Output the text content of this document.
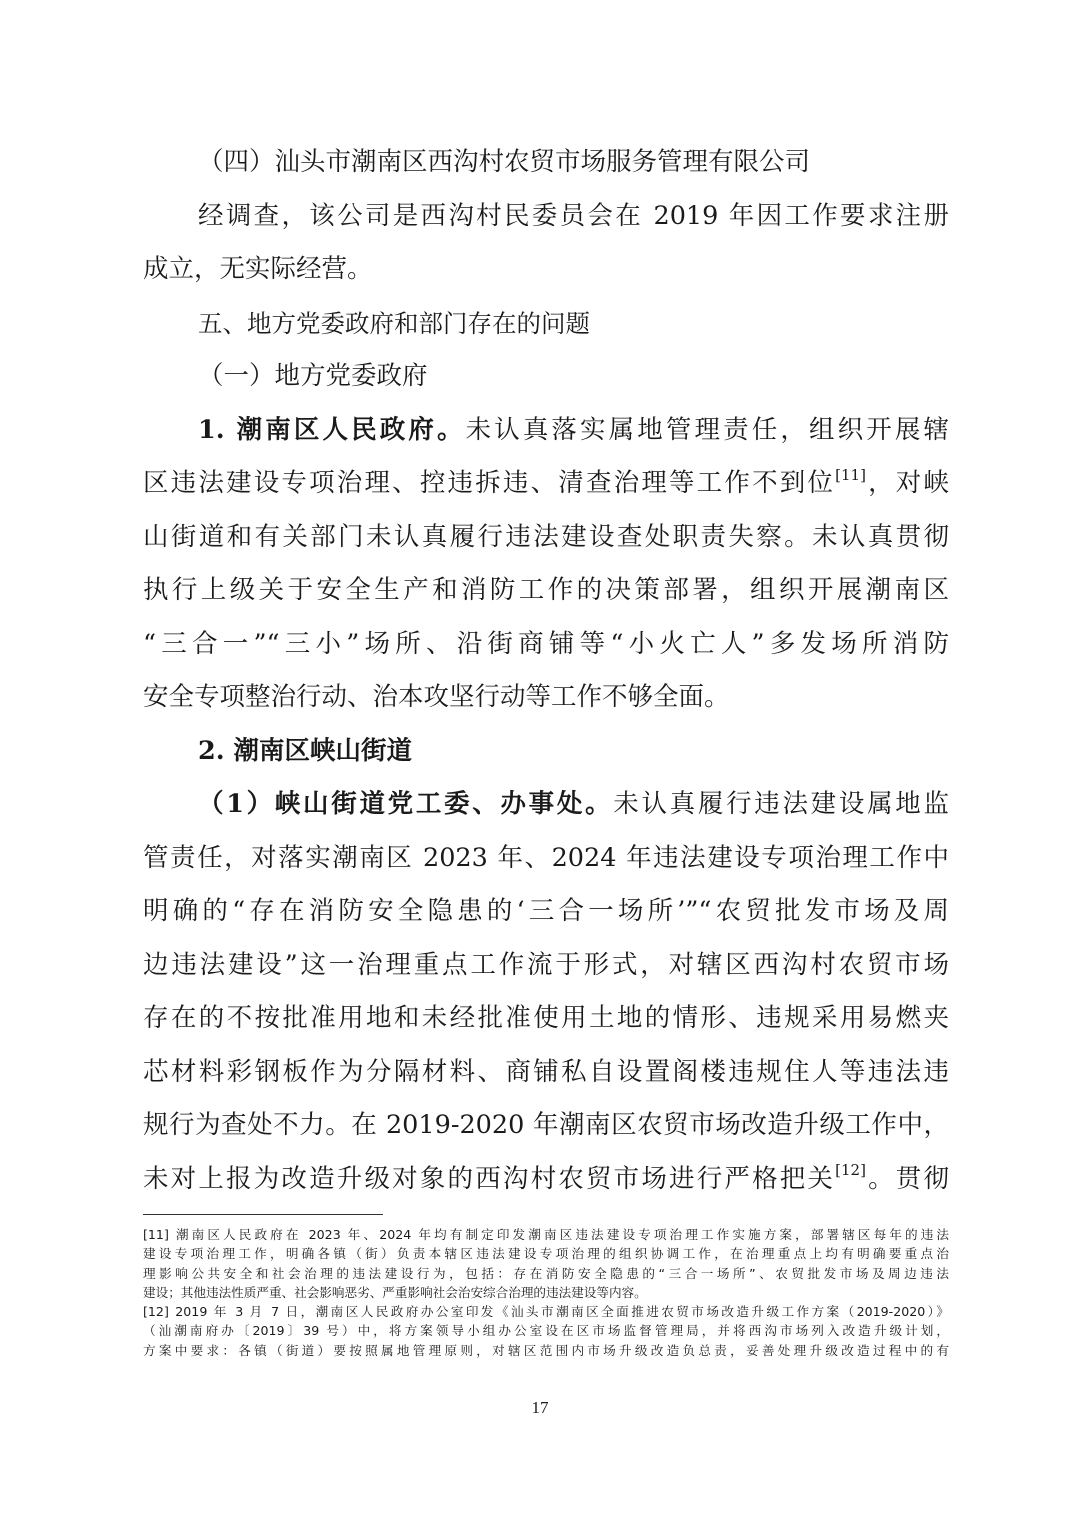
（四）汕头市潮南区西沟村农贸市场服务管理有限公司
经调查，该公司是西沟村民委员会在 2019 年因工作要求注册
成立，无实际经营。
五、地方党委政府和部门存在的问题
（一）地方党委政府
1. 潮南区人民政府。未认真落实属地管理责任，组织开展辖
区违法建设专项治理、控违拆违、清查治理等工作不到位[11]，对峡
山街道和有关部门未认真履行违法建设查处职责失察。未认真贯彻
执行上级关于安全生产和消防工作的决策部署，组织开展潮南区
“三合一”“三小”场所、沿街商铺等“小火亡人”多发场所消防
安全专项整治行动、治本攻坚行动等工作不够全面。
2. 潮南区峡山街道
（1）峡山街道党工委、办事处。未认真履行违法建设属地监
管责任，对落实潮南区 2023 年、2024 年违法建设专项治理工作中
明确的“存在消防安全隐患的‘三合一场所’”“农贸批发市场及周
边违法建设”这一治理重点工作流于形式，对辖区西沟村农贸市场
存在的不按批准用地和未经批准使用土地的情形、违规采用易燃夹
芯材料彩钢板作为分隔材料、商铺私自设置阁楼违规住人等违法违
规行为查处不力。在 2019-2020 年潮南区农贸市场改造升级工作中，
未对上报为改造升级对象的西沟村农贸市场进行严格把关[12]。贯彻
[11] 潮南区人民政府在 2023 年、2024 年均有制定印发潮南区违法建设专项治理工作实施方案，部署辖区每年的违法
建设专项治理工作，明确各镇（街）负责本辖区违法建设专项治理的组织协调工作，在治理重点上均有明确要重点治
理影响公共安全和社会治理的违法建设行为，包括：存在消防安全隐患的“三合一场所”、农贸批发市场及周边违法
建设；其他违法性质严重、社会影响恶劣、严重影响社会治安综合治理的违法建设等内容。
[12] 2019 年 3 月 7 日，潮南区人民政府办公室印发《汕头市潮南区全面推进农贸市场改造升级工作方案（2019-2020）》
（汕潮南府办〔2019〕39 号）中，将方案领导小组办公室设在区市场监督管理局，并将西沟市场列入改造升级计划，
方案中要求：各镇（街道）要按照属地管理原则，对辖区范围内市场升级改造负总责，妥善处理升级改造过程中的有
17
